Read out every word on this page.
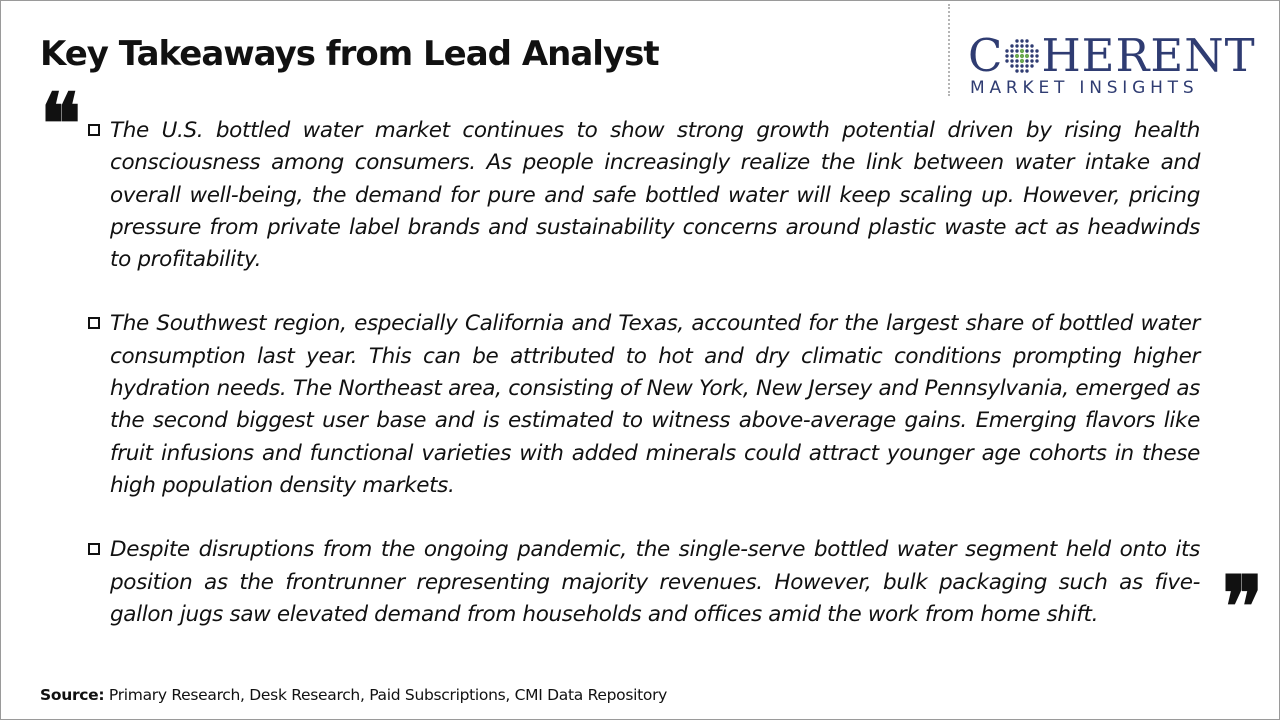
Key Takeaways from Lead Analyst	C HERENT
MARKET INSIGHTS
❝ The U.S. bottled water market continues to show strong growth potential driven by rising health consciousness among consumers. As people increasingly realize the link between water intake and overall well-being, the demand for pure and safe bottled water will keep scaling up. However, pricing pressure from private label brands and sustainability concerns around plastic waste act as headwinds to profitability.
The Southwest region, especially California and Texas, accounted for the largest share of bottled water consumption last year. This can be attributed to hot and dry climatic conditions prompting higher hydration needs. The Northeast area, consisting of New York, New Jersey and Pennsylvania, emerged as the second biggest user base and is estimated to witness above-average gains. Emerging flavors like fruit infusions and functional varieties with added minerals could attract younger age cohorts in these high population density markets.
Despite disruptions from the ongoing pandemic, the single-serve bottled water segment held onto its position as the frontrunner representing majority revenues. However, bulk packaging such as five-gallon jugs saw elevated demand from households and offices amid the work from home shift.	❞
Source: Primary Research, Desk Research, Paid Subscriptions, CMI Data Repository
